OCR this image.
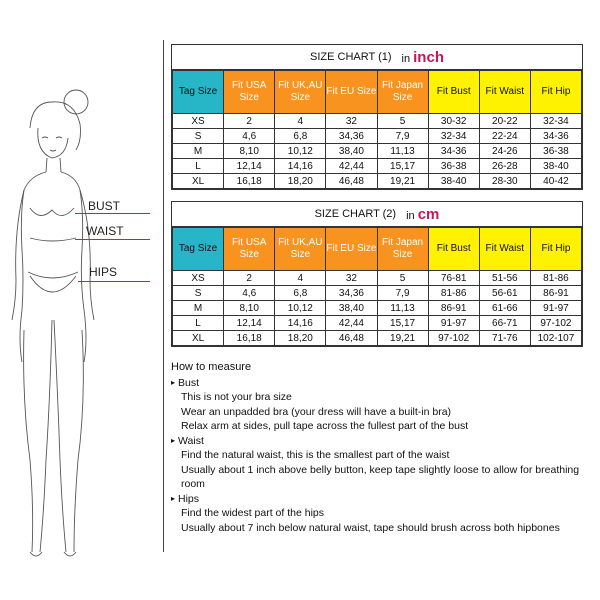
BUST
WAIST
HIPS
SIZE CHART (1) in inch
Tag Size	Fit USA Size	Fit UK,AU Size	Fit EU Size	Fit Japan Size	Fit Bust	Fit Waist	Fit Hip
XS	2	4	32	5	30-32	20-22	32-34
S	4,6	6,8	34,36	7,9	32-34	22-24	34-36
M	8,10	10,12	38,40	11,13	34-36	24-26	36-38
L	12,14	14,16	42,44	15,17	36-38	26-28	38-40
XL	16,18	18,20	46,48	19,21	38-40	28-30	40-42
SIZE CHART (2) in cm
Tag Size	Fit USA Size	Fit UK,AU Size	Fit EU Size	Fit Japan Size	Fit Bust	Fit Waist	Fit Hip
XS	2	4	32	5	76-81	51-56	81-86
S	4,6	6,8	34,36	7,9	81-86	56-61	86-91
M	8,10	10,12	38,40	11,13	86-91	61-66	91-97
L	12,14	14,16	42,44	15,17	91-97	66-71	97-102
XL	16,18	18,20	46,48	19,21	97-102	71-76	102-107
How to measure
▸ Bust
This is not your bra size
Wear an unpadded bra (your dress will have a built-in bra)
Relax arm at sides, pull tape across the fullest part of the bust
▸ Waist
Find the natural waist, this is the smallest part of the waist
Usually about 1 inch above belly button, keep tape slightly loose to allow for breathing room
▸ Hips
Find the widest part of the hips
Usually about 7 inch below natural waist, tape should brush across both hipbones
